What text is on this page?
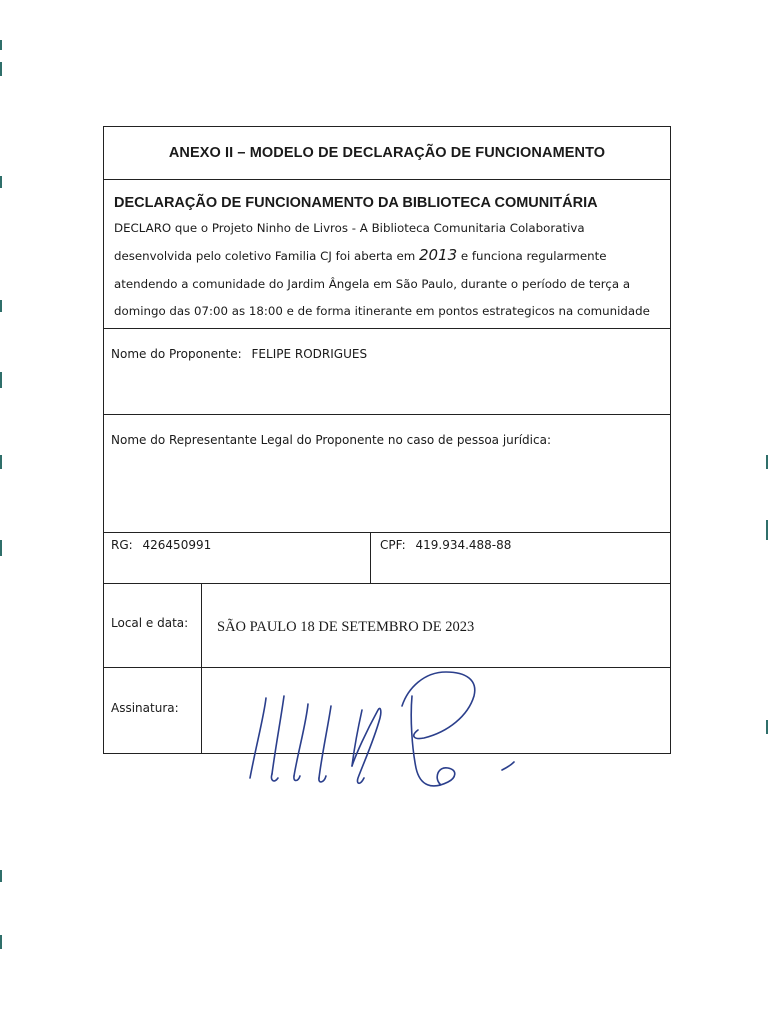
ANEXO II – MODELO DE DECLARAÇÃO DE FUNCIONAMENTO
DECLARAÇÃO DE FUNCIONAMENTO DA BIBLIOTECA COMUNITÁRIA
DECLARO que o Projeto Ninho de Livros - A Biblioteca Comunitaria Colaborativa
desenvolvida pelo coletivo Familia CJ foi aberta em 2013 e funciona regularmente
atendendo a comunidade do Jardim Ângela em São Paulo, durante o período de terça a
domingo das 07:00 as 18:00 e de forma itinerante em pontos estrategicos na comunidade
Nome do Proponente: FELIPE RODRIGUES
Nome do Representante Legal do Proponente no caso de pessoa jurídica:
RG: 426450991	CPF: 419.934.488-88
Local e data: SÃO PAULO 18 DE SETEMBRO DE 2023
Assinatura:
